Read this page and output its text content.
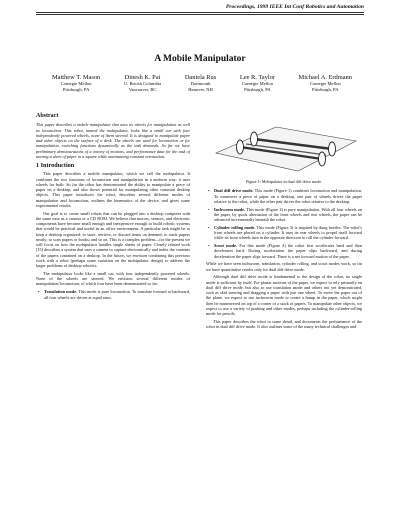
Proceedings, 1999 IEEE Int Conf Robotics and Automation
A Mobile Manipulator
Matthew T. Mason
Carnegie Mellon
Pittsburgh, PA
Dinesh K. Pai
U. British Columbia
Vancouver, BC
Daniela Rus
Dartmouth
Hanover, NH
Lee R. Taylor
Carnegie Mellon
Pittsburgh, PA
Michael A. Erdmann
Carnegie Mellon
Pittsburgh, PA
Abstract

This paper describes a mobile manipulator that uses its wheels for manipulation as well as locomotion. This robot, named the mobipulator, looks like a small car with four independently powered wheels, none of them steered. It is designed to manipulate paper and other objects on the surface of a desk. The wheels are used for locomotion or for manipulation, switching functions dynamically as the task demands. So far we have preliminary demonstrations of a variety of motions, and performance data for the task of moving a sheet of paper in a square while maintaining constant orientation.

1 Introduction

This paper describes a mobile manipulator, which we call the mobipulator. It combines the two functions of locomotion and manipulation in a uniform way: it uses wheels for both. So far the robot has demonstrated the ability to manipulate a piece of paper on a desktop, and also shows potential for manipulating other common desktop objects. This paper introduces the robot, describes several different modes of manipulation and locomotion, outlines the kinematics of the device, and gives some experimental results.

Our goal is to create small robots that can be plugged into a desktop computer with the same ease as a camera or a CD ROM. We believe that motors, sensors, and electronic components have become small enough and inexpensive enough to build robotic systems that would be practical and useful in an office environment. A particular task might be to keep a desktop organized: to store, retrieve, or discard items on demand; to stack papers neatly; to scan papers or books; and so on. This is a complex problem—for the present we will focus on how the mobipulator handles single sheets of paper. Closely related work [15] describes a system that uses a camera to capture electronically and index the contents of the papers contained on a desktop. In the future, we envision combining this previous work with a robot (perhaps some variation on the mobipulator design) to address the larger problems of desktop robotics.

The mobipulator looks like a small car, with four independently powered wheels. None of the wheels are steered. We envision several different modes of manipulation/locomotion, of which four have been demonstrated so far:

• Translation mode. This mode is pure locomotion. To translate forward or backward, all four wheels are driven at equal rates.
Figure 1: Mobipulator in dual diff drive mode.
• Dual diff drive mode. This mode (Figure 1) combines locomotion and manipulation. To maneuver a piece of paper on a desktop, one pair of wheels drives the paper relative to the robot, while the other pair drives the robot relative to the desktop.
• Inchworm mode. This mode (Figure 2) is pure manipulation. With all four wheels on the paper, by quick alternation of the front wheels and rear wheels, the paper can be advanced incrementally beneath the robot.
• Cylinder rolling mode. This mode (Figure 3) is inspired by dung beetles. The robot's front wheels are placed on a cylinder. It uses its rear wheels to propel itself forward while its front wheels turn in the opposite direction to roll the cylinder forward.
• Scoot mode. For this mode (Figure 4) the robot first accelerates hard and then decelerates hard. During acceleration the paper slips backward, and during deceleration the paper slips forward. There is a net forward motion of the paper.

While we have seen inchworm, translation, cylinder rolling, and scoot modes work, so far we have quantitative results only for dual diff drive mode.

Although dual diff drive mode is fundamental to the design of the robot, no single mode is sufficient by itself. For planar motions of the paper, we expect to rely primarily on dual diff drive mode, but also to use translation mode and others not yet demonstrated, such as skid steering and dragging a paper with just one wheel. To move the paper out of the plane, we expect to use inchworm mode to create a hump in the paper, which might then be maneuvered on top of a corner of a stack of papers. To manipulate other objects, we expect to use a variety of pushing and other modes, perhaps including the cylinder-rolling mode for pencils.

This paper describes the robot in some detail, and documents the performance of the robot in dual diff drive mode. It also outlines some of the many technical challenges and
